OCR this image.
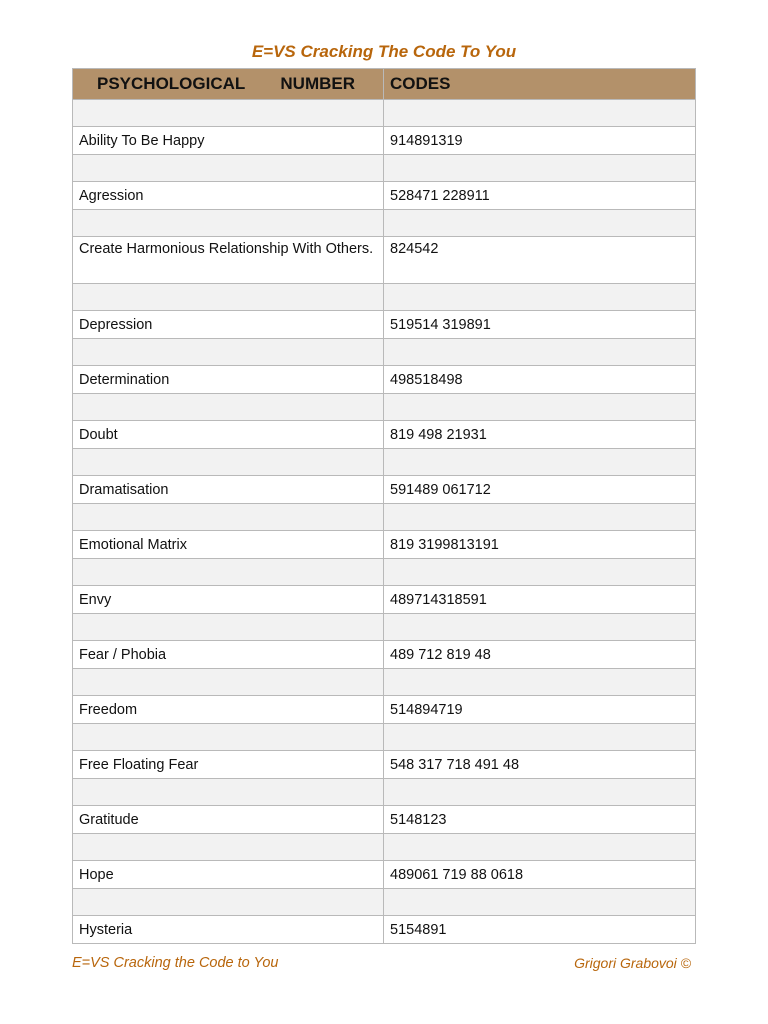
E=VS Cracking The Code To You
PSYCHOLOGICAL NUMBER	CODES

Ability To Be Happy	914891319

Agression	528471 228911

Create Harmonious Relationship With Others.	824542

Depression	519514 319891

Determination	498518498

Doubt	819 498 21931

Dramatisation	591489 061712

Emotional Matrix	819 3199813191

Envy	489714318591

Fear / Phobia	489 712 819 48

Freedom	514894719

Free Floating Fear	548 317 718 491 48

Gratitude	5148123

Hope	489061 719 88 0618

Hysteria	5154891
E=VS Cracking the Code to You	Grigori Grabovoi ©
